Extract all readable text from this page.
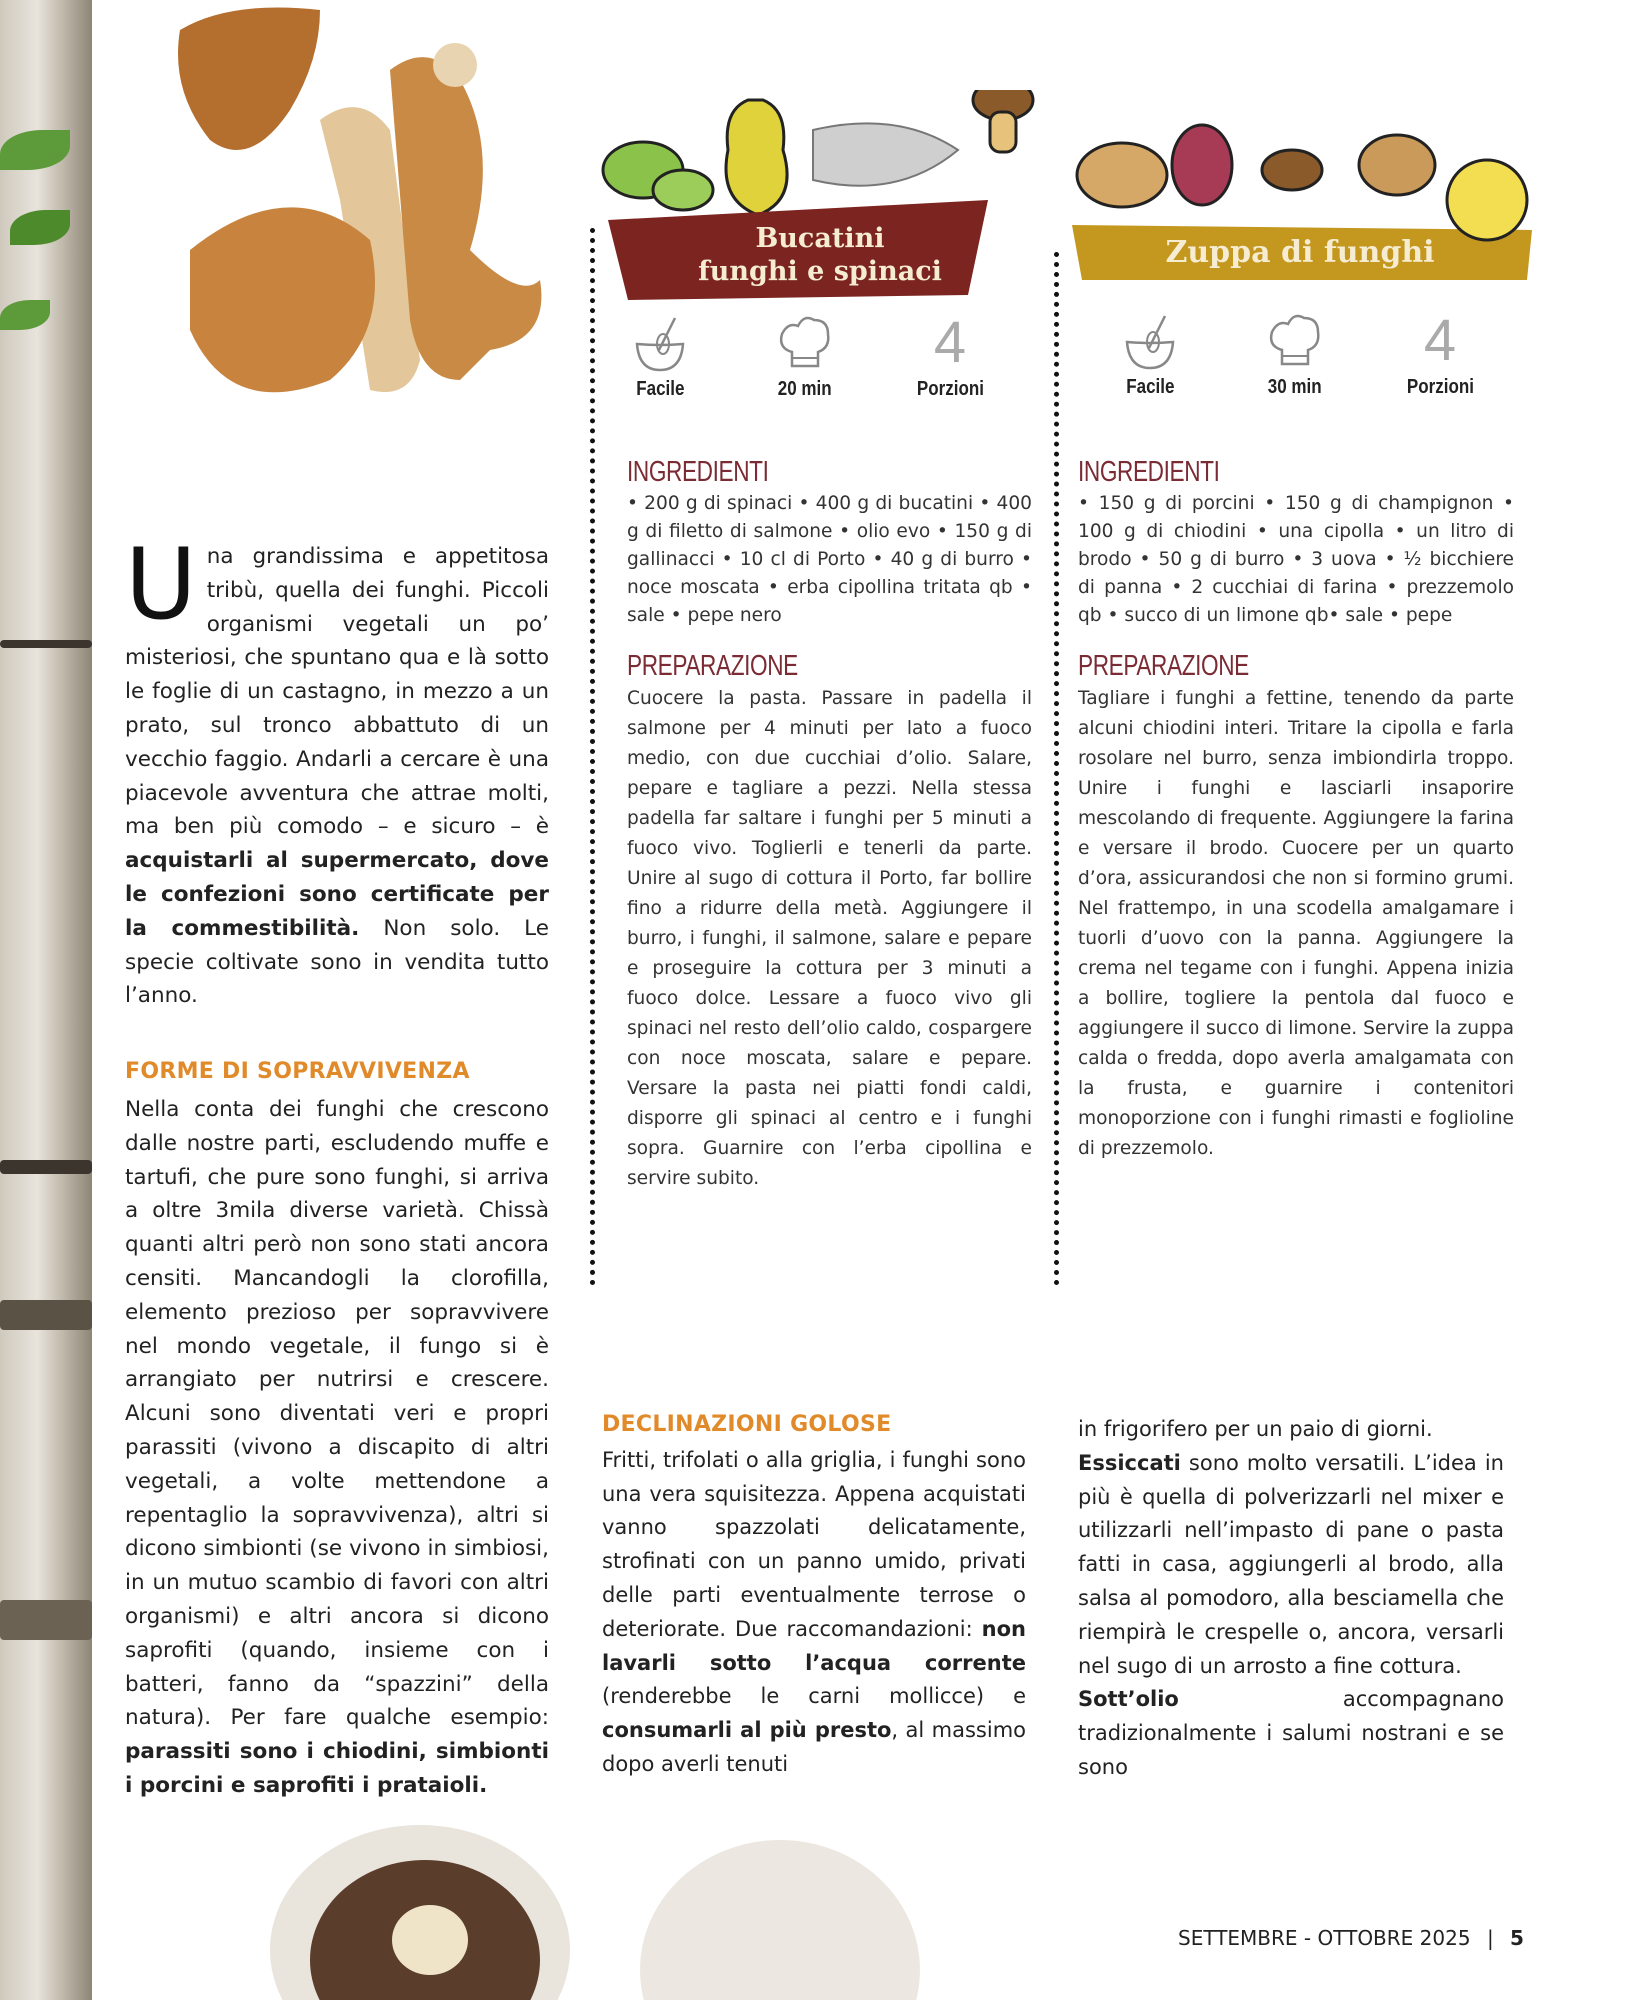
U na grandissima e appetitosa tribù, quella dei funghi. Piccoli organismi vegetali un po’ misteriosi, che spuntano qua e là sotto le foglie di un castagno, in mezzo a un prato, sul tronco abbattuto di un vecchio faggio. Andarli a cercare è una piacevole avventura che attrae molti, ma ben più comodo – e sicuro – è acquistarli al supermercato, dove le confezioni sono certificate per la commestibilità. Non solo. Le specie coltivate sono in vendita tutto l’anno.
FORME DI SOPRAVVIVENZA
Nella conta dei funghi che crescono dalle nostre parti, escludendo muffe e tartufi, che pure sono funghi, si arriva a oltre 3mila diverse varietà. Chissà quanti altri però non sono stati ancora censiti. Mancandogli la clorofilla, elemento prezioso per sopravvivere nel mondo vegetale, il fungo si è arrangiato per nutrirsi e crescere. Alcuni sono diventati veri e propri parassiti (vivono a discapito di altri vegetali, a volte mettendone a repentaglio la sopravvivenza), altri si dicono simbionti (se vivono in simbiosi, in un mutuo scambio di favori con altri organismi) e altri ancora si dicono saprofiti (quando, insieme con i batteri, fanno da “spazzini” della natura). Per fare qualche esempio: parassiti sono i chiodini, simbionti i porcini e saprofiti i prataioli.
Bucatini
funghi e spinaci
Zuppa di funghi
Facile	20 min
4
Porzioni	Facile	30 min
4
Porzioni
INGREDIENTI
• 200 g di spinaci • 400 g di bucatini • 400 g di filetto di salmone • olio evo • 150 g di gallinacci • 10 cl di Porto • 40 g di burro • noce moscata • erba cipollina tritata qb • sale • pepe nero
PREPARAZIONE
Cuocere la pasta. Passare in padella il salmone per 4 minuti per lato a fuoco medio, con due cucchiai d’olio. Salare, pepare e tagliare a pezzi. Nella stessa padella far saltare i funghi per 5 minuti a fuoco vivo. Toglierli e tenerli da parte. Unire al sugo di cottura il Porto, far bollire fino a ridurre della metà. Aggiungere il burro, i funghi, il salmone, salare e pepare e proseguire la cottura per 3 minuti a fuoco dolce. Lessare a fuoco vivo gli spinaci nel resto dell’olio caldo, cospargere con noce moscata, salare e pepare. Versare la pasta nei piatti fondi caldi, disporre gli spinaci al centro e i funghi sopra. Guarnire con l’erba cipollina e servire subito.
INGREDIENTI
• 150 g di porcini • 150 g di champignon • 100 g di chiodini • una cipolla • un litro di brodo • 50 g di burro • 3 uova • ½ bicchiere di panna • 2 cucchiai di farina • prezzemolo qb • succo di un limone qb• sale • pepe
PREPARAZIONE
Tagliare i funghi a fettine, tenendo da parte alcuni chiodini interi. Tritare la cipolla e farla rosolare nel burro, senza imbiondirla troppo. Unire i funghi e lasciarli insaporire mescolando di frequente. Aggiungere la farina e versare il brodo. Cuocere per un quarto d’ora, assicurandosi che non si formino grumi. Nel frattempo, in una scodella amalgamare i tuorli d’uovo con la panna. Aggiungere la crema nel tegame con i funghi. Appena inizia a bollire, togliere la pentola dal fuoco e aggiungere il succo di limone. Servire la zuppa calda o fredda, dopo averla amalgamata con la frusta, e guarnire i contenitori monoporzione con i funghi rimasti e foglioline di prezzemolo.
DECLINAZIONI GOLOSE
Fritti, trifolati o alla griglia, i funghi sono una vera squisitezza. Appena acquistati vanno spazzolati delicatamente, strofinati con un panno umido, privati delle parti eventualmente terrose o deteriorate. Due raccomandazioni: non lavarli sotto l’acqua corrente (renderebbe le carni mollicce) e consumarli al più presto, al massimo dopo averli tenuti
in frigorifero per un paio di giorni.
Essiccati sono molto versatili. L’idea in più è quella di polverizzarli nel mixer e utilizzarli nell’impasto di pane o pasta fatti in casa, aggiungerli al brodo, alla salsa al pomodoro, alla besciamella che riempirà le crespelle o, ancora, versarli nel sugo di un arrosto a fine cottura.
Sott’olio accompagnano tradizionalmente i salumi nostrani e se sono
SETTEMBRE - OTTOBRE 2025 | 5
